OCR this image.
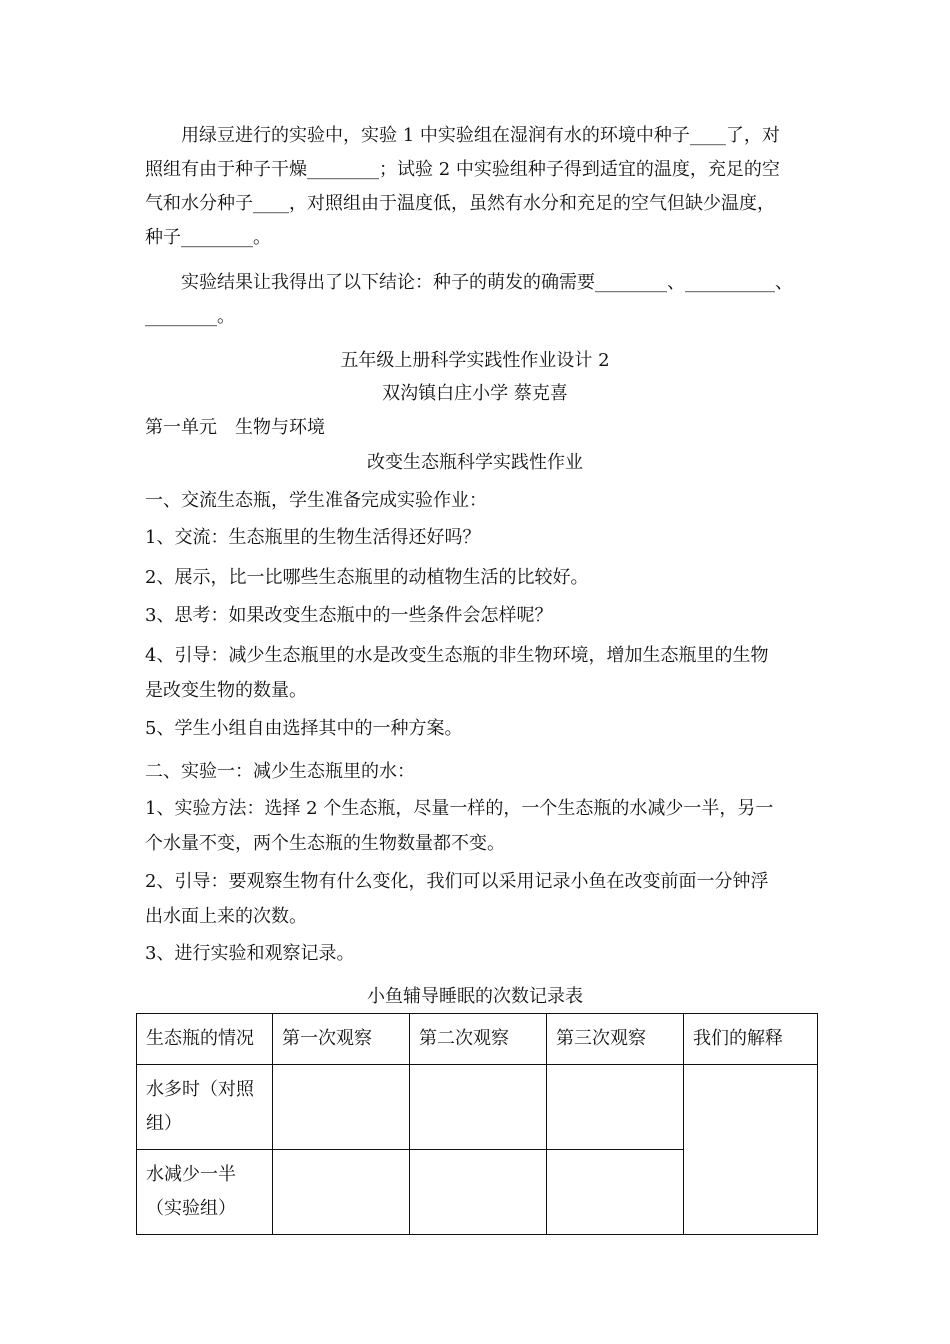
　　用绿豆进行的实验中，实验 1 中实验组在湿润有水的环境中种子____了，对
照组有由于种子干燥________；试验 2 中实验组种子得到适宜的温度，充足的空
气和水分种子____，对照组由于温度低，虽然有水分和充足的空气但缺少温度，
种子________。
　　实验结果让我得出了以下结论：种子的萌发的确需要________、__________、
________。
五年级上册科学实践性作业设计 2
双沟镇白庄小学 蔡克喜
第一单元　生物与环境
改变生态瓶科学实践性作业
一、交流生态瓶，学生准备完成实验作业：
1、交流：生态瓶里的生物生活得还好吗？
2、展示，比一比哪些生态瓶里的动植物生活的比较好。
3、思考：如果改变生态瓶中的一些条件会怎样呢？
4、引导：减少生态瓶里的水是改变生态瓶的非生物环境，增加生态瓶里的生物
是改变生物的数量。
5、学生小组自由选择其中的一种方案。
二、实验一：减少生态瓶里的水：
1、实验方法：选择 2 个生态瓶，尽量一样的，一个生态瓶的水减少一半，另一
个水量不变，两个生态瓶的生物数量都不变。
2、引导：要观察生物有什么变化，我们可以采用记录小鱼在改变前面一分钟浮
出水面上来的次数。
3、进行实验和观察记录。
小鱼辅导睡眠的次数记录表
生态瓶的情况	第一次观察	第二次观察	第三次观察	我们的解释
水多时（对照组）				
水减少一半（实验组）				
